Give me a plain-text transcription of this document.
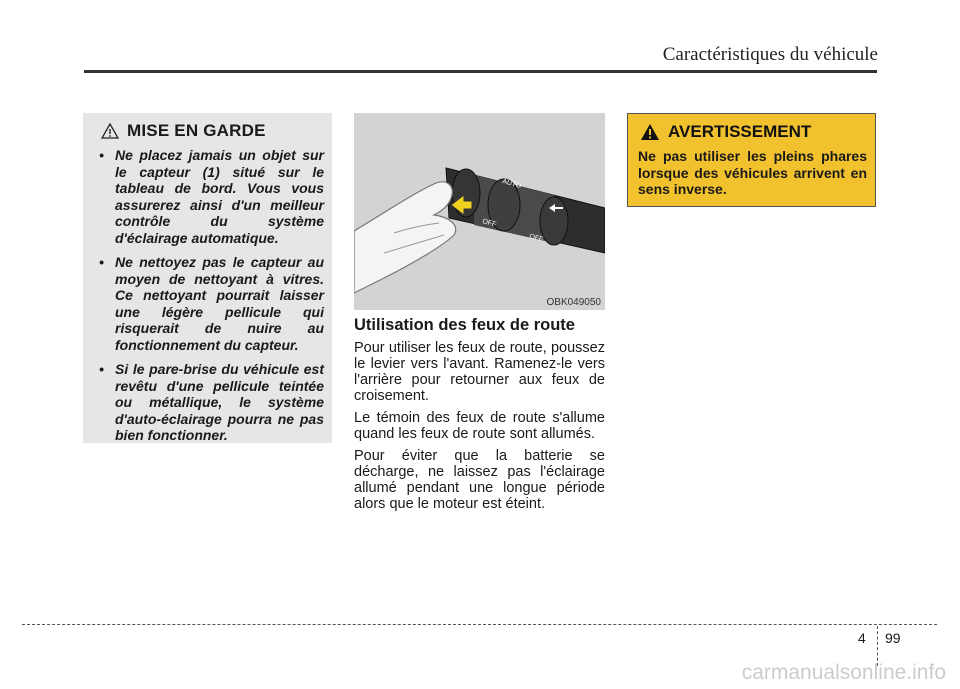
Caractéristiques du véhicule
MISE EN GARDE
• Ne placez jamais un objet sur le capteur (1) situé sur le tableau de bord. Vous vous assurerez ainsi d'un meilleur contrôle du système d'éclairage automatique.
• Ne nettoyez pas le capteur au moyen de nettoyant à vitres. Ce nettoyant pourrait laisser une légère pellicule qui risquerait de nuire au fonctionnement du capteur.
• Si le pare-brise du véhicule est revêtu d'une pellicule teintée ou métallique, le système d'auto-éclairage pourra ne pas bien fonctionner.
AUTO
OFF
OFF
OBK049050
Utilisation des feux de route

Pour utiliser les feux de route, poussez le levier vers l'avant. Ramenez-le vers l'arrière pour retourner aux feux de croisement.

Le témoin des feux de route s'allume quand les feux de route sont allumés.

Pour éviter que la batterie se décharge, ne laissez pas l'éclairage allumé pendant une longue période alors que le moteur est éteint.

AVERTISSEMENT
Ne pas utiliser les pleins phares lorsque des véhicules arrivent en sens inverse.
4 99
carmanualsonline.info
